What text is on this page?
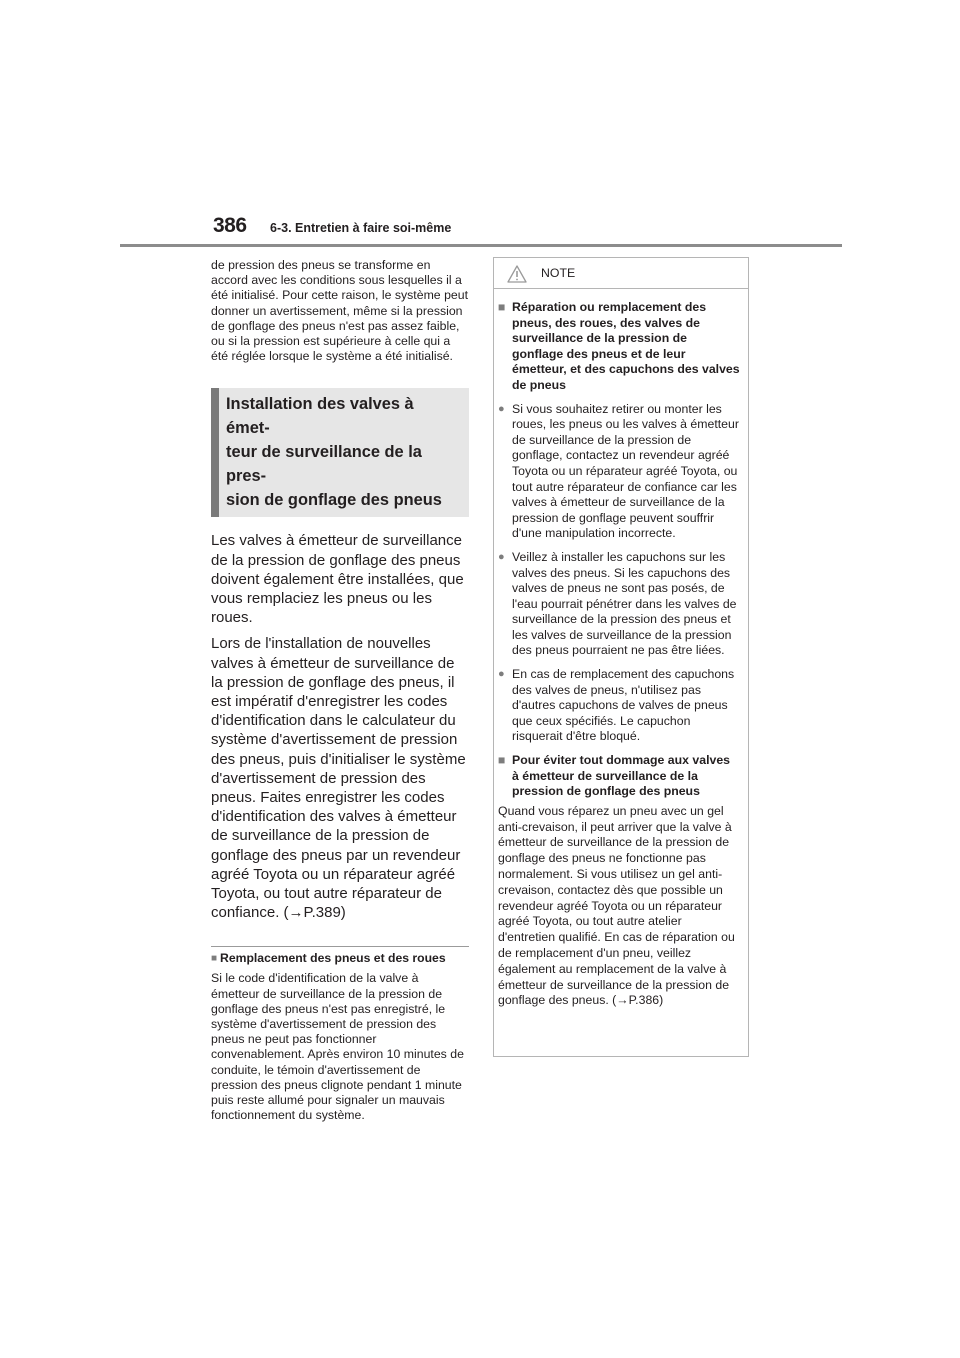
386 6-3. Entretien à faire soi-même

de pression des pneus se transforme en accord avec les conditions sous lesquelles il a été initialisé. Pour cette raison, le système peut donner un avertissement, même si la pression de gonflage des pneus n'est pas assez faible, ou si la pression est supérieure à celle qui a été réglée lorsque le système a été initialisé.

Installation des valves à émet-
teur de surveillance de la pres-
sion de gonflage des pneus

Les valves à émetteur de surveillance de la pression de gonflage des pneus doivent également être installées, que vous remplaciez les pneus ou les roues.

Lors de l'installation de nouvelles valves à émetteur de surveillance de la pression de gonflage des pneus, il est impératif d'enregistrer les codes d'identification dans le calculateur du système d'avertissement de pression des pneus, puis d'initialiser le système d'avertissement de pression des pneus. Faites enregistrer les codes d'identification des valves à émetteur de surveillance de la pression de gonflage des pneus par un revendeur agréé Toyota ou un réparateur agréé Toyota, ou tout autre réparateur de confiance. (→P.389)

■ Remplacement des pneus et des roues
Si le code d'identification de la valve à émetteur de surveillance de la pression de gonflage des pneus n'est pas enregistré, le système d'avertissement de pression des pneus ne peut pas fonctionner convenablement. Après environ 10 minutes de conduite, le témoin d'avertissement de pression des pneus clignote pendant 1 minute puis reste allumé pour signaler un mauvais fonctionnement du système.
NOTE
■ Réparation ou remplacement des pneus, des roues, des valves de surveillance de la pression de gonflage des pneus et de leur émetteur, et des capuchons des valves de pneus
● Si vous souhaitez retirer ou monter les roues, les pneus ou les valves à émetteur de surveillance de la pression de gonflage, contactez un revendeur agréé Toyota ou un réparateur agréé Toyota, ou tout autre réparateur de confiance car les valves à émetteur de surveillance de la pression de gonflage peuvent souffrir d'une manipulation incorrecte.
● Veillez à installer les capuchons sur les valves des pneus. Si les capuchons des valves de pneus ne sont pas posés, de l'eau pourrait pénétrer dans les valves de surveillance de la pression des pneus et les valves de surveillance de la pression des pneus pourraient ne pas être liées.
● En cas de remplacement des capuchons des valves de pneus, n'utilisez pas d'autres capuchons de valves de pneus que ceux spécifiés. Le capuchon risquerait d'être bloqué.
■ Pour éviter tout dommage aux valves à émetteur de surveillance de la pression de gonflage des pneus
Quand vous réparez un pneu avec un gel anti-crevaison, il peut arriver que la valve à émetteur de surveillance de la pression de gonflage des pneus ne fonctionne pas normalement. Si vous utilisez un gel anti-crevaison, contactez dès que possible un revendeur agréé Toyota ou un réparateur agréé Toyota, ou tout autre atelier d'entretien qualifié. En cas de réparation ou de remplacement d'un pneu, veillez également au remplacement de la valve à émetteur de surveillance de la pression de gonflage des pneus. (→P.386)
